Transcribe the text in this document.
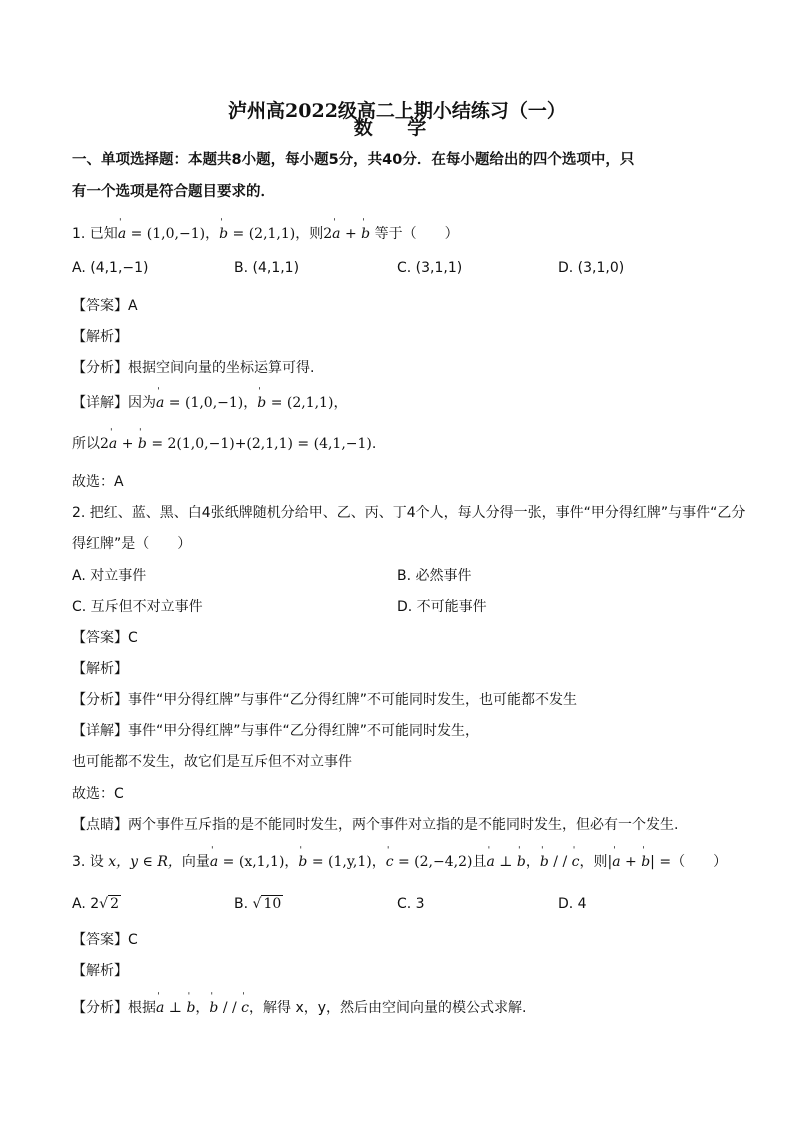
泸州高2022级高二上期小结练习（一）
数 学
一、单项选择题：本题共8小题，每小题5分，共40分．在每小题给出的四个选项中，只
有一个选项是符合题目要求的．
1. 已知ˈ a = (1,0,−1)，ˈ b = (2,1,1)，则2ˈ a + ˈ b 等于（　　）
A. (4,1,−1)	B. (4,1,1)	C. (3,1,1)	D. (3,1,0)
【答案】A
【解析】
【分析】根据空间向量的坐标运算可得.
【详解】因为ˈ a = (1,0,−1)，ˈ b = (2,1,1)，
所以2ˈ a + ˈ b = 2(1,0,−1)+(2,1,1) = (4,1,−1).
故选：A
2. 把红、蓝、黑、白4张纸牌随机分给甲、乙、丙、丁4个人，每人分得一张，事件“甲分得红牌”与事件“乙分
得红牌”是（　　）
A. 对立事件	B. 必然事件
C. 互斥但不对立事件	D. 不可能事件
【答案】C
【解析】
【分析】事件“甲分得红牌”与事件“乙分得红牌”不可能同时发生，也可能都不发生
【详解】事件“甲分得红牌”与事件“乙分得红牌”不可能同时发生，
也可能都不发生，故它们是互斥但不对立事件
故选：C
【点睛】两个事件互斥指的是不能同时发生，两个事件对立指的是不能同时发生，但必有一个发生.
3. 设 x，y ∈ R，向量ˈ a = (x,1,1)，ˈ b = (1,y,1)，ˈ c = (2,−4,2)且ˈ a ⊥ ˈ b，ˈ b / / ˈ c，则|ˈ a + ˈ b| =（　　）
A. 2√ 2	B. √ 10	C. 3	D. 4
【答案】C
【解析】
【分析】根据ˈ a ⊥ ˈ b，ˈ b / / ˈ c，解得 x，y，然后由空间向量的模公式求解.
